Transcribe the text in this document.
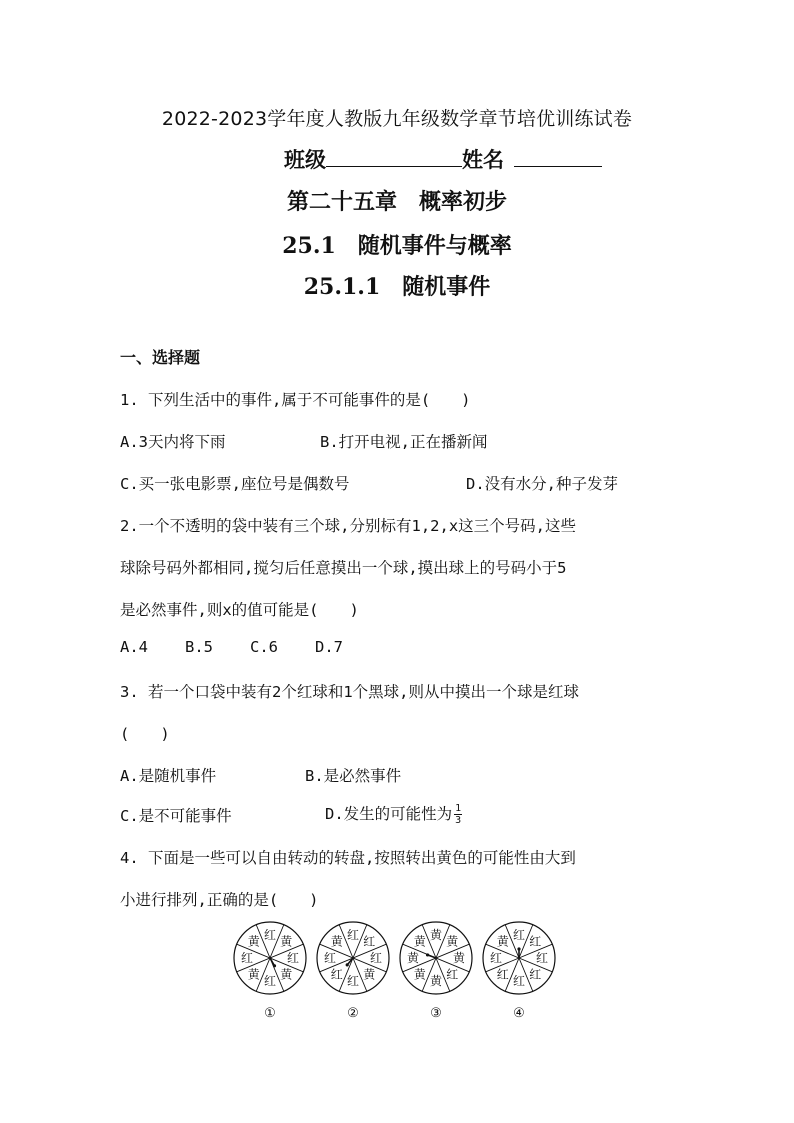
2022-2023学年度人教版九年级数学章节培优训练试卷
班级	姓名
第二十五章　概率初步
25.1　随机事件与概率
25.1.1　随机事件
一、选择题
1. 下列生活中的事件,属于不可能事件的是(　　)
A.3天内将下雨	B.打开电视,正在播新闻
C.买一张电影票,座位号是偶数号	D.没有水分,种子发芽
2.一个不透明的袋中装有三个球,分别标有1,2,x这三个号码,这些
球除号码外都相同,搅匀后任意摸出一个球,摸出球上的号码小于5
是必然事件,则x的值可能是(　　)
A.4 B.5 C.6 D.7
3. 若一个口袋中装有2个红球和1个黑球,则从中摸出一个球是红球
(　　)
A.是随机事件	B.是必然事件
C.是不可能事件	D.发生的可能性为 $\frac{1}{3}$
4. 下面是一些可以自由转动的转盘,按照转出黄色的可能性由大到
小进行排列,正确的是(　　)
红 黄
红
黄
红
黄
红
黄
①
红 红
红
黄
红
红
红
黄
②
黄 黄
黄
红
黄
黄
黄
黄
③
红 红
红
红
红
红
红
黄
④
